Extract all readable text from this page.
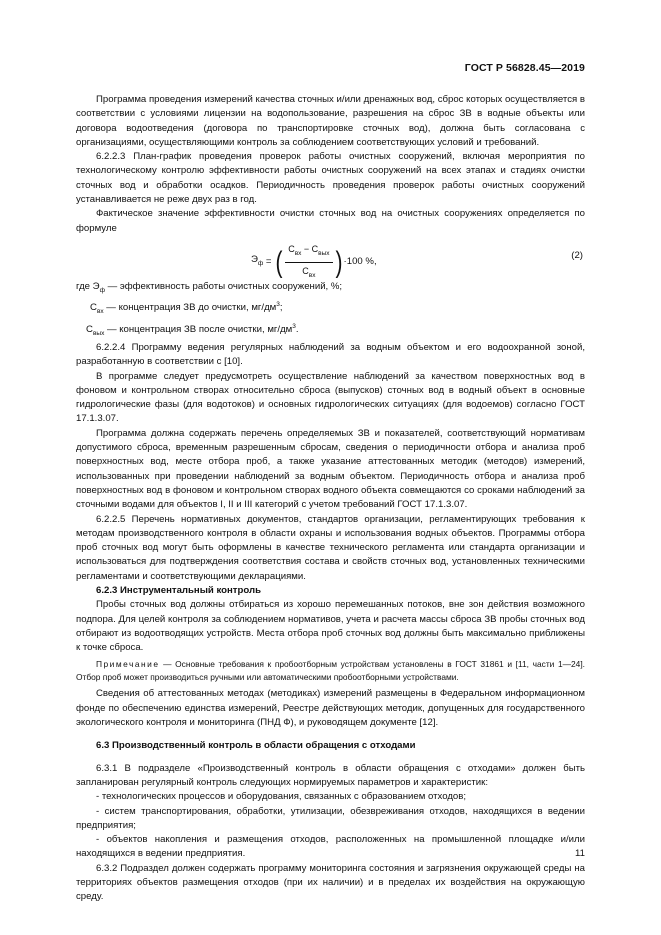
ГОСТ Р 56828.45—2019

Программа проведения измерений качества сточных и/или дренажных вод, сброс которых осуществляется в соответствии с условиями лицензии на водопользование, разрешения на сброс ЗВ в водные объекты или договора водоотведения (договора по транспортировке сточных вод), должна быть согласована с организациями, осуществляющими контроль за соблюдением соответствующих условий и требований.

6.2.2.3 План-график проведения проверок работы очистных сооружений, включая мероприятия по технологическому контролю эффективности работы очистных сооружений на всех этапах и стадиях очистки сточных вод и обработки осадков. Периодичность проведения проверок работы очистных сооружений устанавливается не реже двух раз в год.

Фактическое значение эффективности очистки сточных вод на очистных сооружениях определяется по формуле

$Э_ф$ = ( $\frac{С_{вх} - С_{вых}}{С_{вх}}$ ) ·100 %,
(2)
где $Э_ф$ — эффективность работы очистных сооружений, %;
$С_{вх}$ — концентрация ЗВ до очистки, $мг/дм^3$;
$С_{вых}$ — концентрация ЗВ после очистки, $мг/дм^3$.

6.2.2.4 Программу ведения регулярных наблюдений за водным объектом и его водоохранной зоной, разработанную в соответствии с [10].

В программе следует предусмотреть осуществление наблюдений за качеством поверхностных вод в фоновом и контрольном створах относительно сброса (выпусков) сточных вод в водный объект в основные гидрологические фазы (для водотоков) и основных гидрологических ситуациях (для водоемов) согласно ГОСТ 17.1.3.07.

Программа должна содержать перечень определяемых ЗВ и показателей, соответствующий нормативам допустимого сброса, временным разрешенным сбросам, сведения о периодичности отбора и анализа проб поверхностных вод, месте отбора проб, а также указание аттестованных методик (методов) измерений, использованных при проведении наблюдений за водным объектом. Периодичность отбора и анализа проб поверхностных вод в фоновом и контрольном створах водного объекта совмещаются со сроками наблюдений за сточными водами для объектов I, II и III категорий с учетом требований ГОСТ 17.1.3.07.

6.2.2.5 Перечень нормативных документов, стандартов организации, регламентирующих требования к методам производственного контроля в области охраны и использования водных объектов. Программы отбора проб сточных вод могут быть оформлены в качестве технического регламента или стандарта организации и использоваться для подтверждения соответствия состава и свойств сточных вод, установленных техническими регламентами и соответствующими декларациями.

6.2.3 Инструментальный контроль

Пробы сточных вод должны отбираться из хорошо перемешанных потоков, вне зон действия возможного подпора. Для целей контроля за соблюдением нормативов, учета и расчета массы сброса ЗВ пробы сточных вод отбирают из водоотводящих устройств. Места отбора проб сточных вод должны быть максимально приближены к точке сброса.

Примечание — Основные требования к пробоотборным устройствам установлены в ГОСТ 31861 и [11, части 1—24]. Отбор проб может производиться ручными или автоматическими пробоотборными устройствами.

Сведения об аттестованных методах (методиках) измерений размещены в Федеральном информационном фонде по обеспечению единства измерений, Реестре действующих методик, допущенных для государственного экологического контроля и мониторинга (ПНД Ф), и руководящем документе [12].

6.3 Производственный контроль в области обращения с отходами

6.3.1 В подразделе «Производственный контроль в области обращения с отходами» должен быть запланирован регулярный контроль следующих нормируемых параметров и характеристик:

- технологических процессов и оборудования, связанных с образованием отходов;

- систем транспортирования, обработки, утилизации, обезвреживания отходов, находящихся в ведении предприятия;

- объектов накопления и размещения отходов, расположенных на промышленной площадке и/или находящихся в ведении предприятия.

6.3.2 Подраздел должен содержать программу мониторинга состояния и загрязнения окружающей среды на территориях объектов размещения отходов (при их наличии) и в пределах их воздействия на окружающую среду.

11
